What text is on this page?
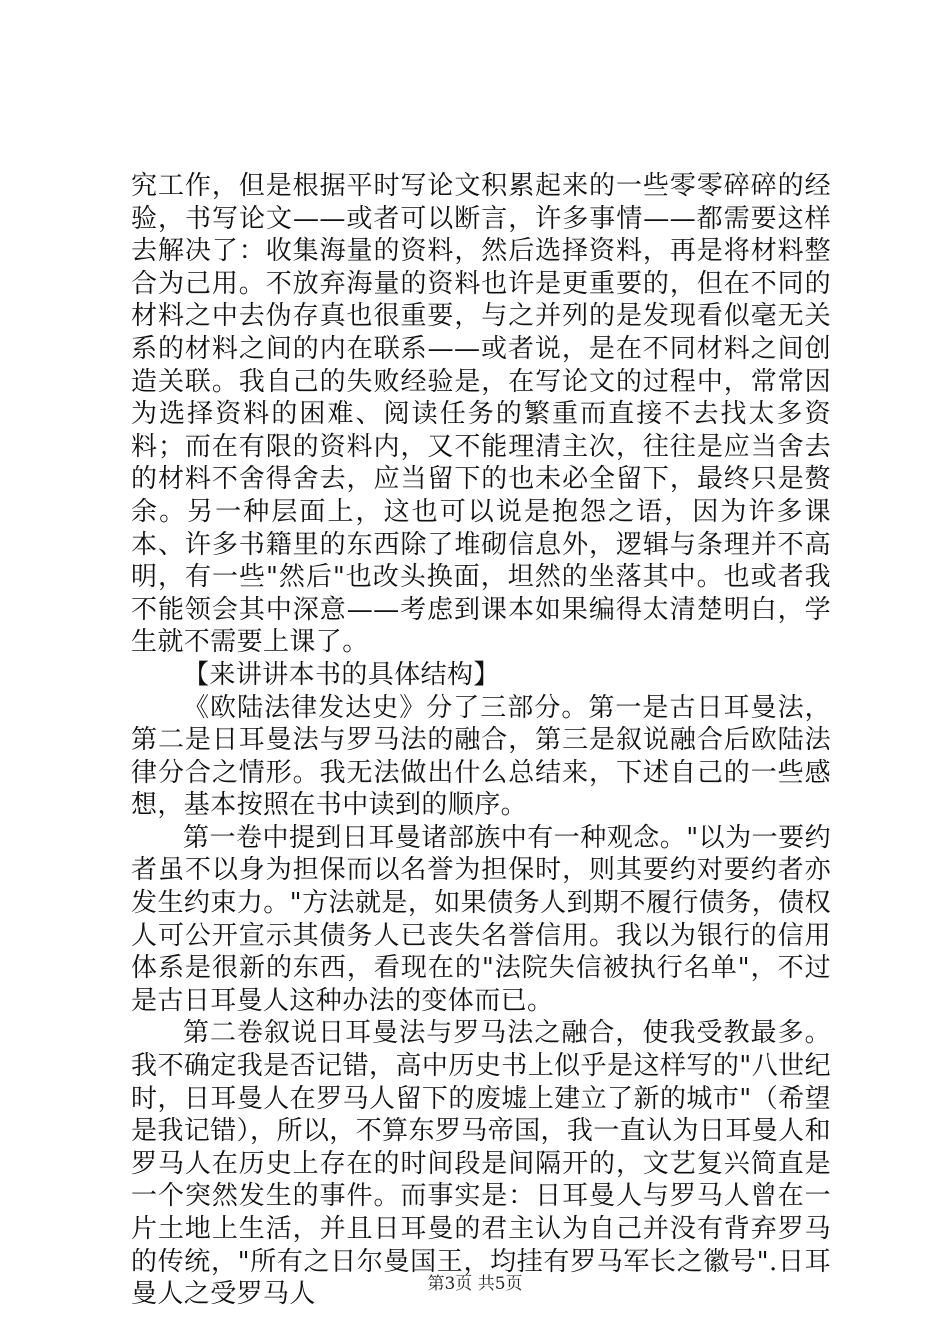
究工作，但是根据平时写论文积累起来的一些零零碎碎的经验，书写论文——或者可以断言，许多事情——都需要这样去解决了：收集海量的资料，然后选择资料，再是将材料整合为己用。不放弃海量的资料也许是更重要的，但在不同的材料之中去伪存真也很重要，与之并列的是发现看似毫无关系的材料之间的内在联系——或者说，是在不同材料之间创造关联。我自己的失败经验是，在写论文的过程中，常常因为选择资料的困难、阅读任务的繁重而直接不去找太多资料；而在有限的资料内，又不能理清主次，往往是应当舍去的材料不舍得舍去，应当留下的也未必全留下，最终只是赘余。另一种层面上，这也可以说是抱怨之语，因为许多课本、许多书籍里的东西除了堆砌信息外，逻辑与条理并不高明，有一些"然后"也改头换面，坦然的坐落其中。也或者我不能领会其中深意——考虑到课本如果编得太清楚明白，学生就不需要上课了。

【来讲讲本书的具体结构】

《欧陆法律发达史》分了三部分。第一是古日耳曼法，第二是日耳曼法与罗马法的融合，第三是叙说融合后欧陆法律分合之情形。我无法做出什么总结来，下述自己的一些感想，基本按照在书中读到的顺序。

第一卷中提到日耳曼诸部族中有一种观念。"以为一要约者虽不以身为担保而以名誉为担保时，则其要约对要约者亦发生约束力。"方法就是，如果债务人到期不履行债务，债权人可公开宣示其债务人已丧失名誉信用。我以为银行的信用体系是很新的东西，看现在的"法院失信被执行名单"，不过是古日耳曼人这种办法的变体而已。

第二卷叙说日耳曼法与罗马法之融合，使我受教最多。我不确定我是否记错，高中历史书上似乎是这样写的"八世纪时，日耳曼人在罗马人留下的废墟上建立了新的城市"（希望是我记错），所以，不算东罗马帝国，我一直认为日耳曼人和罗马人在历史上存在的时间段是间隔开的，文艺复兴简直是一个突然发生的事件。而事实是：日耳曼人与罗马人曾在一片土地上生活，并且日耳曼的君主认为自己并没有背弃罗马的传统，"所有之日尔曼国王，均挂有罗马军长之徽号".日耳曼人之受罗马人	第3页 共5页
